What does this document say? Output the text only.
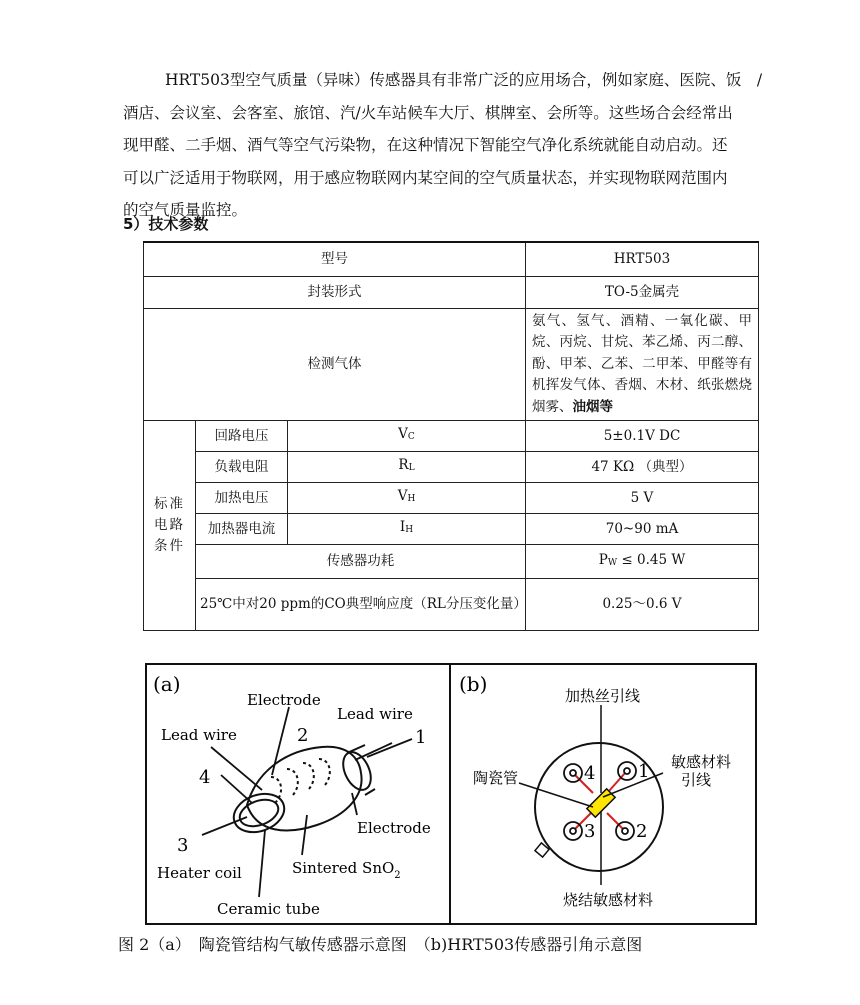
HRT503型空气质量（异味）传感器具有非常广泛的应用场合，例如家庭、医院、饭　/

酒店、会议室、会客室、旅馆、汽/火车站候车大厅、棋牌室、会所等。这些场合会经常出

现甲醛、二手烟、酒气等空气污染物，在这种情况下智能空气净化系统就能自动启动。还

可以广泛适用于物联网，用于感应物联网内某空间的空气质量状态，并实现物联网范围内

的空气质量监控。

5）技术参数
型号			HRT503
封装形式			TO-5金属壳
检测气体			氨气、氢气、酒精、一氧化碳、甲烷、丙烷、甘烷、苯乙烯、丙二醇、酚、甲苯、乙苯、二甲苯、甲醛等有机挥发气体、香烟、木材、纸张燃烧烟雾、油烟等
标准电路条件	回路电压	$V_C$	5±0.1V DC
	负载电阻	$R_L$	47 KΩ （典型）
	加热电压	$V_H$	5 V
	加热器电流	$I_H$	70~90 mA
	传感器功耗		$P_W \le 0.45$ W
	25℃中对20 ppm的CO典型响应度（RL分压变化量）		0.25～0.6 V
(a)
Electrode
Lead wire
Lead wire	2	1
4
Electrode
3
Heater coil	Sintered SnO$_2$
Ceramic tube
(b)	加热丝引线
敏感材料
引线
陶瓷管
烧结敏感材料
4 1
3 2
图 2（a）　陶瓷管结构气敏传感器示意图　（b)HRT503传感器引角示意图
